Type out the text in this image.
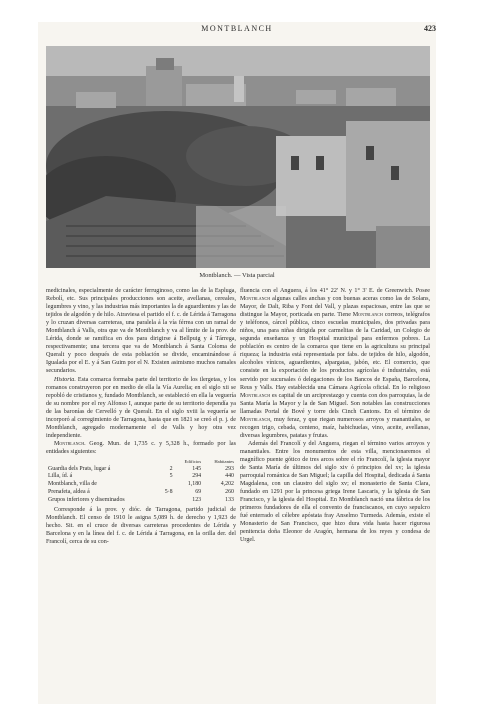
MONTBLANCH	423
Montblanch. — Vista parcial

medicinales, especialmente de carácter ferruginoso, como las de la Espluga, Rebolí, etc. Sus principales producciones son aceite, avellanas, cereales, legumbres y vino, y las industrias más importantes la de aguardientes y las de tejidos de algodón y de hilo. Atraviesa el partido el f. c. de Lérida á Tarragona y lo cruzan diversas carreteras, una paralela á la vía férrea con un ramal de Montblanch á Valls, otra que va de Montblanch y va al límite de la prov. de Lérida, donde se ramifica en dos para dirigirse á Bellpuig y á Tárrega, respectivamente; una tercera que va de Montblanch á Santa Coloma de Queralt y poco después de esta población se divide, encaminándose á Igualada por el E. y á San Guim por el N. Existen asimismo muchos ramales secundarios.

Historia. Esta comarca formaba parte del territorio de los ilergetas, y los romanos construyeron por en medio de ella la Vía Aurelia; en el siglo xii se repobló de cristianos y, fundado Montblanch, se estableció en ella la veguería de su nombre por el rey Alfonso I, aunque parte de su territorio dependía ya de las baronías de Cervelló y de Queralt. En el siglo xviii la veguería se incorporó al corregimiento de Tarragona, hasta que en 1821 se creó el p. j. de Montblanch, agregado modernamente el de Valls y hoy otra vez independiente.

Montblanch. Geog. Mun. de 1,735 c. y 5,328 h., formado por las entidades siguientes:

		Edificios	Habitantes
Guardia dels Prats, lugar á	2	145	293
Lilla, íd. á	5	294	440
Montblanch, villa de		1,180	4,202
Prenafeta, aldea á	5·8	69	260
Grupos inferiores y diseminados		123	133

Corresponde á la prov. y dióc. de Tarragona, partido judicial de Montblanch. El censo de 1910 le asigna 5,089 h. de derecho y 1,923 de hecho. Sit. en el cruce de diversas carreteras procedentes de Lérida y Barcelona y en la línea del f. c. de Lérida á Tarragona, en la orilla der. del Francolí, cerca de su con-

fluencia con el Anguera, á los 41° 22' N. y 1° 3' E. de Greenwich. Posee Montblanch algunas calles anchas y con buenas aceras como las de Solans, Mayor, de Dalt, Riba y Font del Vall, y plazas espaciosas, entre las que se distingue la Mayor, porticada en parte. Tiene Montblanch correos, telégrafos y teléfonos, cárcel pública, cinco escuelas municipales, dos privadas para niños, una para niñas dirigida por carmelitas de la Caridad, un Colegio de segunda enseñanza y un Hospital municipal para enfermos pobres. La población es centro de la comarca que tiene en la agricultura su principal riqueza; la industria está representada por fabs. de tejidos de hilo, algodón, alcoholes vínicos, aguardientes, alpargatas, jabón, etc. El comercio, que consiste en la exportación de los productos agrícolas é industriales, está servido por sucursales ó delegaciones de los Bancos de España, Barcelona, Reus y Valls. Hay establecida una Cámara Agrícola oficial. En lo religioso Montblanch es capital de un arciprestazgo y cuenta con dos parroquias, la de Santa María la Mayor y la de San Miguel. Son notables las construcciones llamadas Portal de Bové y torre dels Cinch Cantons. En el término de Montblanch, muy feraz, y que riegan numerosos arroyos y manantiales, se recogen trigo, cebada, centeno, maíz, habichuelas, vino, aceite, avellanas, diversas legumbres, patatas y frutas.

Además del Francolí y del Anguera, riegan el término varios arroyos y manantiales. Entre los monumentos de esta villa, mencionaremos el magnífico puente gótico de tres arcos sobre el río Francolí, la iglesia mayor de Santa María de últimos del siglo xiv ó principios del xv; la iglesia parroquial románica de San Miguel; la capilla del Hospital, dedicada á Santa Magdalena, con un claustro del siglo xv; el monasterio de Santa Clara, fundado en 1291 por la princesa griega Irene Lascaris, y la iglesia de San Francisco, y la iglesia del Hospital. En Montblanch nació una fábrica de los primeros fundadores de ella el convento de franciscanos, en cuyo sepulcro fué enterrado el célebre apóstata fray Anselmo Turmeda. Además, existe el Monasterio de San Francisco, que hizo dura vida hasta hacer rigurosa penitencia doña Eleonor de Aragón, hermana de los reyes y condesa de Urgel.
